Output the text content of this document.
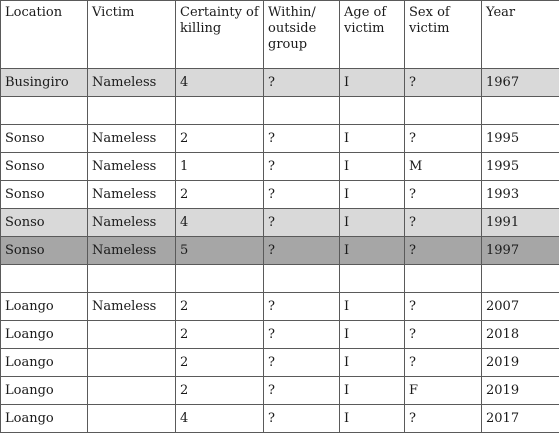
Location	Victim	Certainty of killing	Within/ outside group	Age of victim	Sex of victim	Year
Busingiro	Nameless	4	?	I	?	1967

Sonso	Nameless	2	?	I	?	1995
Sonso	Nameless	1	?	I	M	1995
Sonso	Nameless	2	?	I	?	1993
Sonso	Nameless	4	?	I	?	1991
Sonso	Nameless	5	?	I	?	1997

Loango	Nameless	2	?	I	?	2007
Loango		2	?	I	?	2018
Loango		2	?	I	?	2019
Loango		2	?	I	F	2019
Loango		4	?	I	?	2017
